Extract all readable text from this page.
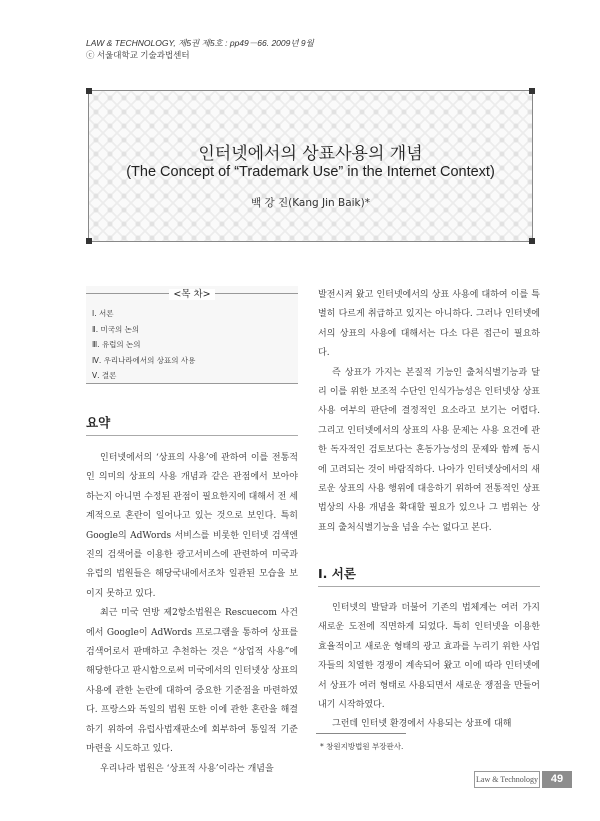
LAW & TECHNOLOGY, 제5권 제5호 : pp49－66. 2009년 9월
ⓒ 서울대학교 기술과법센터
인터넷에서의 상표사용의 개념
(The Concept of “Trademark Use” in the Internet Context)
백 강 진(Kang Jin Baik)*
<목 차>
Ⅰ. 서론
Ⅱ. 미국의 논의
Ⅲ. 유럽의 논의
Ⅳ. 우리나라에서의 상표의 사용
Ⅴ. 결론
요약

인터넷에서의 ‘상표의 사용’에 관하여 이를 전통적인 의미의 상표의 사용 개념과 같은 관점에서 보아야 하는지 아니면 수정된 관점이 필요한지에 대해서 전 세계적으로 혼란이 일어나고 있는 것으로 보인다. 특히 Google의 AdWords 서비스를 비롯한 인터넷 검색엔진의 검색어를 이용한 광고서비스에 관련하여 미국과 유럽의 법원들은 해당국내에서조차 일관된 모습을 보이지 못하고 있다.

최근 미국 연방 제2항소법원은 Rescuecom 사건에서 Google이 AdWords 프로그램을 통하여 상표를 검색어로서 판매하고 추천하는 것은 “상업적 사용”에 해당한다고 판시함으로써 미국에서의 인터넷상 상표의 사용에 관한 논란에 대하여 중요한 기준점을 마련하였다. 프랑스와 독일의 법원 또한 이에 관한 혼란을 해결하기 위하여 유럽사법재판소에 회부하여 통일적 기준 마련을 시도하고 있다.

우리나라 법원은 ‘상표적 사용’이라는 개념을

발전시켜 왔고 인터넷에서의 상표 사용에 대하여 이를 특별히 다르게 취급하고 있지는 아니하다. 그러나 인터넷에서의 상표의 사용에 대해서는 다소 다른 접근이 필요하다.

즉 상표가 가지는 본질적 기능인 출처식별기능과 달리 이를 위한 보조적 수단인 인식가능성은 인터넷상 상표 사용 여부의 판단에 결정적인 요소라고 보기는 어렵다. 그리고 인터넷에서의 상표의 사용 문제는 사용 요건에 관한 독자적인 검토보다는 혼동가능성의 문제와 함께 동시에 고려되는 것이 바람직하다. 나아가 인터넷상에서의 새로운 상표의 사용 행위에 대응하기 위하여 전통적인 상표법상의 사용 개념을 확대할 필요가 있으나 그 범위는 상표의 출처식별기능을 넘을 수는 없다고 본다.

I. 서론

인터넷의 발달과 더불어 기존의 법체계는 여러 가지 새로운 도전에 직면하게 되었다. 특히 인터넷을 이용한 효율적이고 새로운 형태의 광고 효과를 누리기 위한 사업자들의 치열한 경쟁이 계속되어 왔고 이에 따라 인터넷에서 상표가 여러 형태로 사용되면서 새로운 쟁점을 만들어 내기 시작하였다.

그런데 인터넷 환경에서 사용되는 상표에 대해

* 창원지방법원 부장판사.
Law & Technology	49
